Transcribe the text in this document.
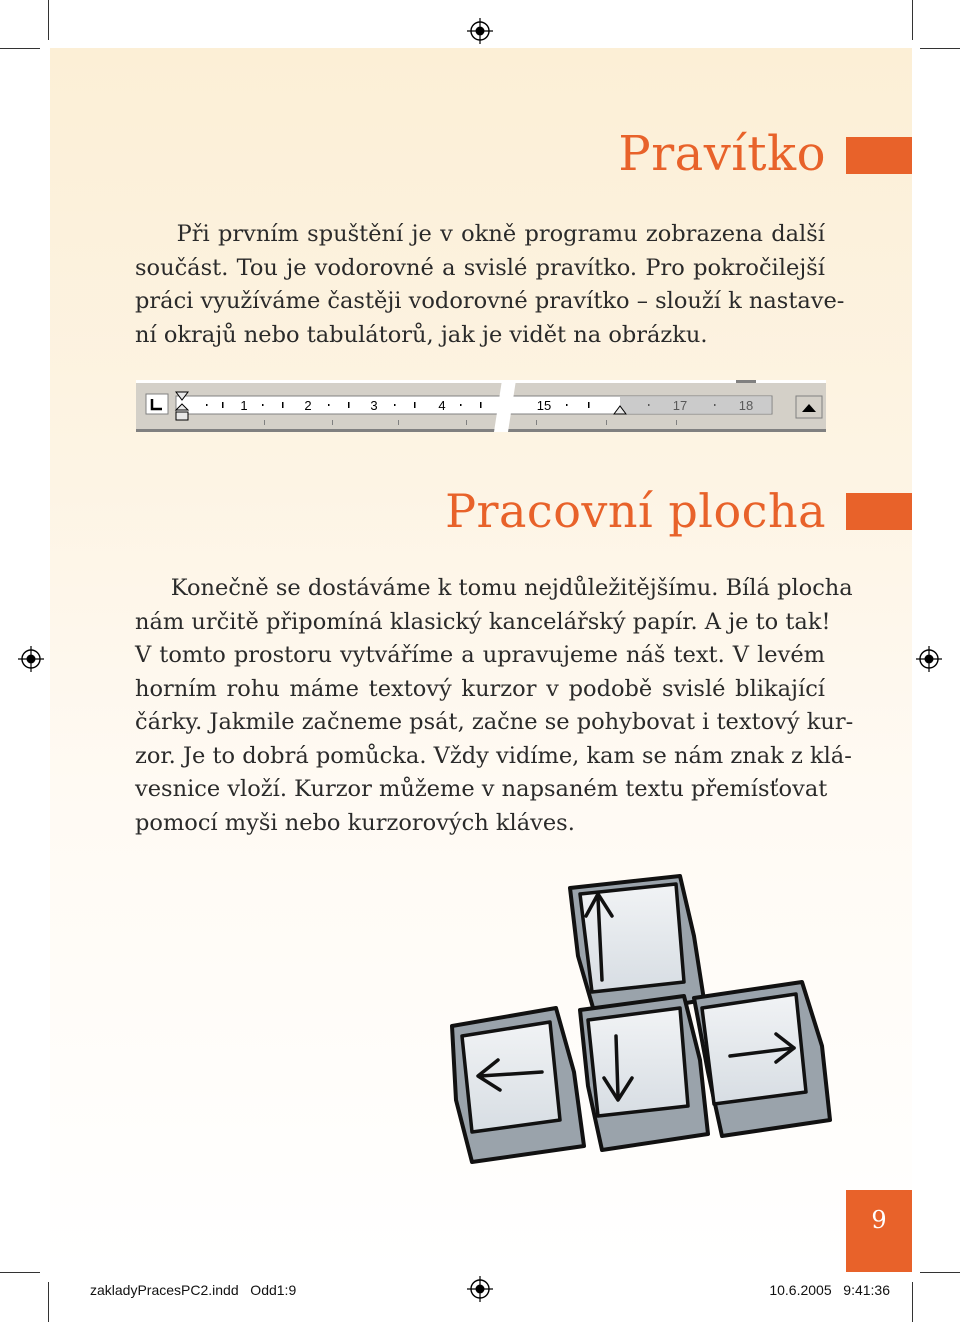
Pravítko

Při prvním spuštění je v okně programu zobrazena další
součást. Tou je vodorovné a svislé pravítko. Pro pokročilejší
práci využíváme častěji vodorovné pravítko – slouží k nastave-
ní okrajů nebo tabulátorů, jak je vidět na obrázku.

1	2	3	4	15
Pracovní plocha

Konečně se dostáváme k tomu nejdůležitějšímu. Bílá plocha
nám určitě připomíná klasický kancelářský papír. A je to tak!
V tomto prostoru vytváříme a upravujeme náš text. V levém
horním rohu máme textový kurzor v podobě svislé blikající
čárky. Jakmile začneme psát, začne se pohybovat i textový kur-
zor. Je to dobrá pomůcka. Vždy vidíme, kam se nám znak z klá-
vesnice vloží. Kurzor můžeme v napsaném textu přemísťovat
pomocí myši nebo kurzorových kláves.

9
zakladyPracesPC2.indd   Odd1:9	10.6.2005   9:41:36
